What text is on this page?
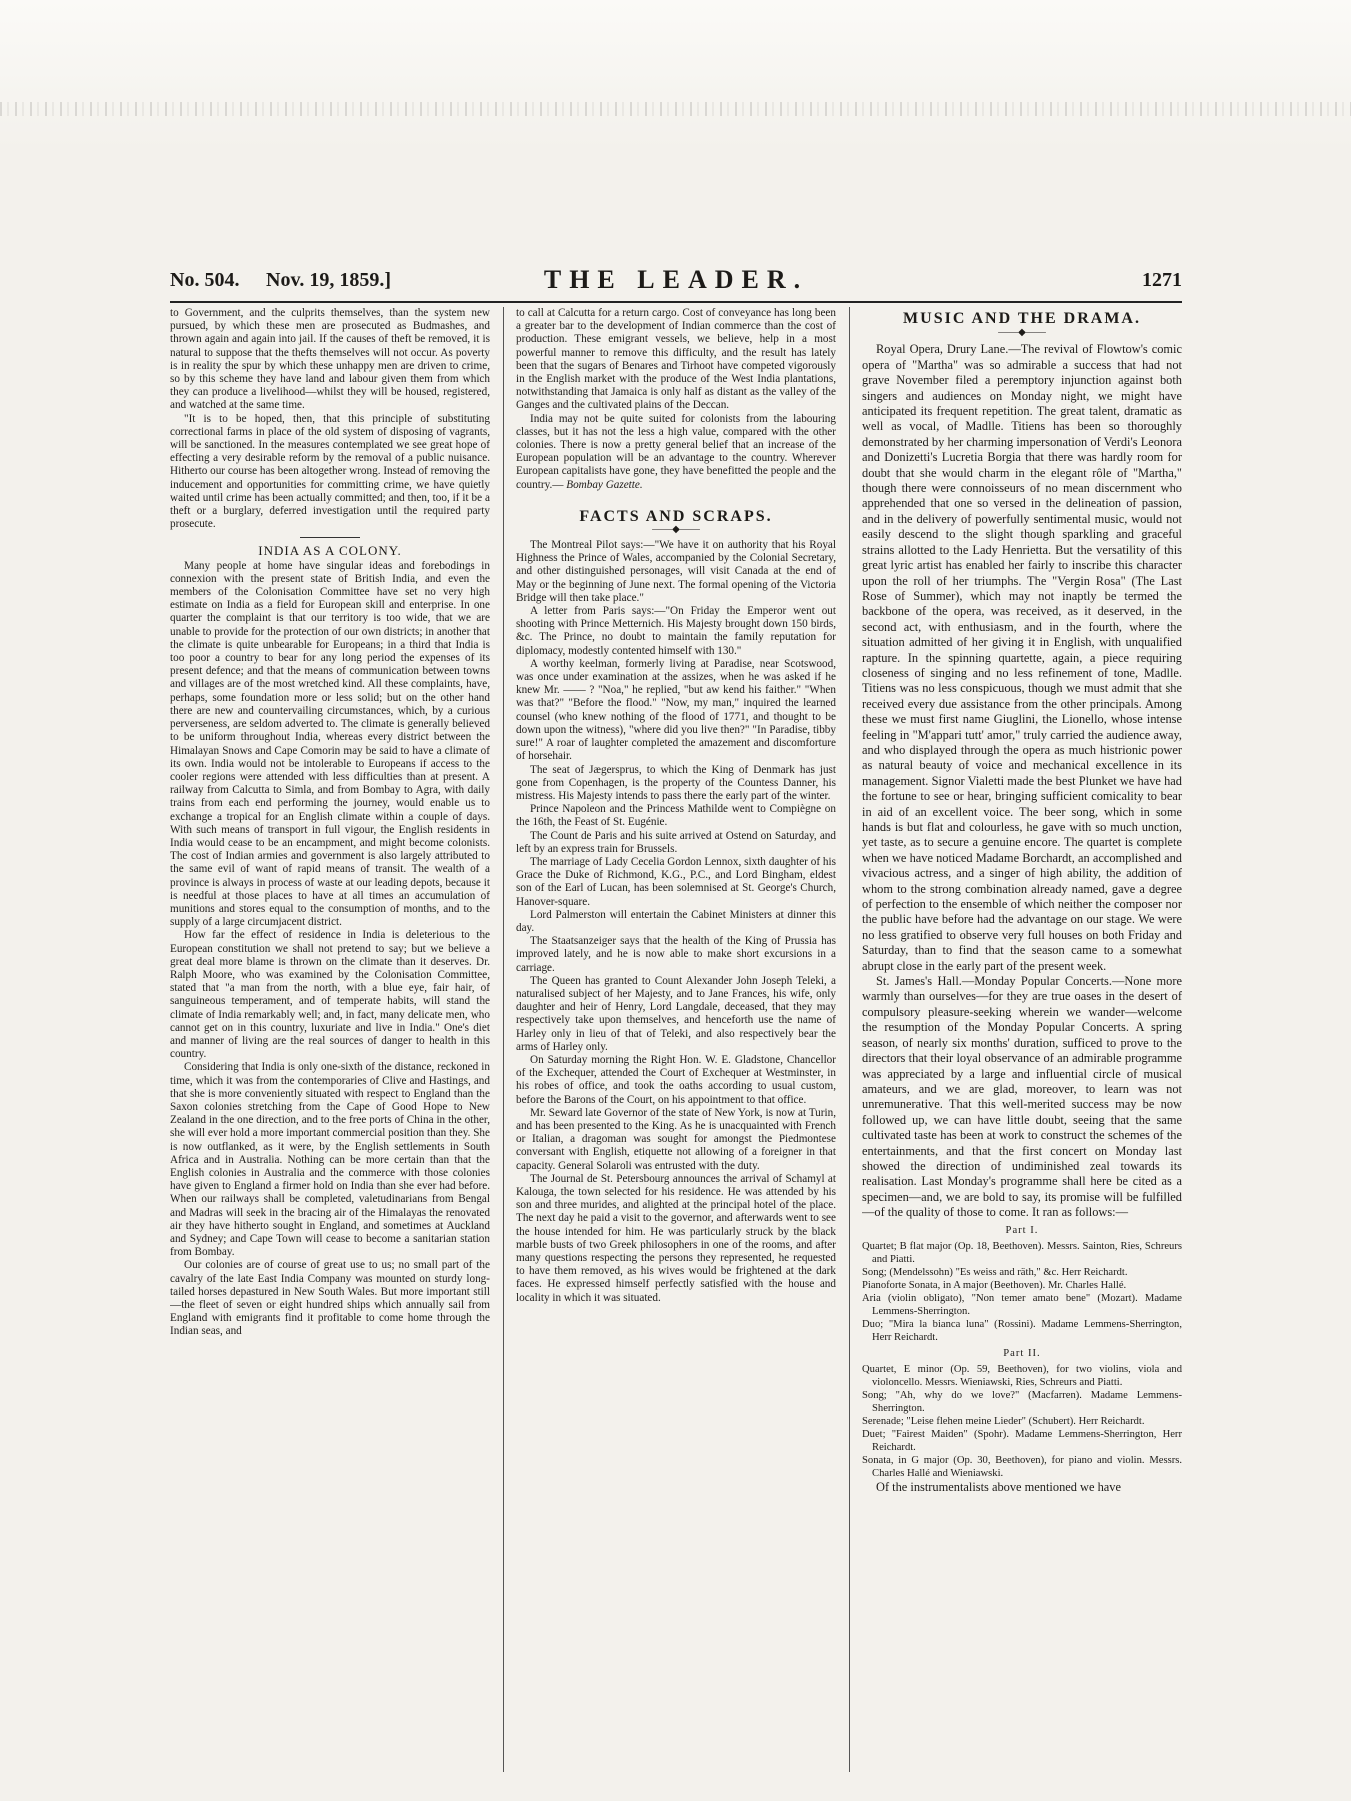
No. 504. Nov. 19, 1859.]	THE LEADER.	1271

to Government, and the culprits themselves, than the system new pursued, by which these men are prosecuted as Budmashes, and thrown again and again into jail. If the causes of theft be removed, it is natural to suppose that the thefts themselves will not occur. As poverty is in reality the spur by which these unhappy men are driven to crime, so by this scheme they have land and labour given them from which they can produce a livelihood—whilst they will be housed, registered, and watched at the same time.

"It is to be hoped, then, that this principle of substituting correctional farms in place of the old system of disposing of vagrants, will be sanctioned. In the measures contemplated we see great hope of effecting a very desirable reform by the removal of a public nuisance. Hitherto our course has been altogether wrong. Instead of removing the inducement and opportunities for committing crime, we have quietly waited until crime has been actually committed; and then, too, if it be a theft or a burglary, deferred investigation until the required party prosecute.

INDIA AS A COLONY.

Many people at home have singular ideas and forebodings in connexion with the present state of British India, and even the members of the Colonisation Committee have set no very high estimate on India as a field for European skill and enterprise. In one quarter the complaint is that our territory is too wide, that we are unable to provide for the protection of our own districts; in another that the climate is quite unbearable for Europeans; in a third that India is too poor a country to bear for any long period the expenses of its present defence; and that the means of communication between towns and villages are of the most wretched kind. All these complaints, have, perhaps, some foundation more or less solid; but on the other hand there are new and countervailing circumstances, which, by a curious perverseness, are seldom adverted to. The climate is generally believed to be uniform throughout India, whereas every district between the Himalayan Snows and Cape Comorin may be said to have a climate of its own. India would not be intolerable to Europeans if access to the cooler regions were attended with less difficulties than at present. A railway from Calcutta to Simla, and from Bombay to Agra, with daily trains from each end performing the journey, would enable us to exchange a tropical for an English climate within a couple of days. With such means of transport in full vigour, the English residents in India would cease to be an encampment, and might become colonists. The cost of Indian armies and government is also largely attributed to the same evil of want of rapid means of transit. The wealth of a province is always in process of waste at our leading depots, because it is needful at those places to have at all times an accumulation of munitions and stores equal to the consumption of months, and to the supply of a large circumjacent district.

How far the effect of residence in India is deleterious to the European constitution we shall not pretend to say; but we believe a great deal more blame is thrown on the climate than it deserves. Dr. Ralph Moore, who was examined by the Colonisation Committee, stated that "a man from the north, with a blue eye, fair hair, of sanguineous temperament, and of temperate habits, will stand the climate of India remarkably well; and, in fact, many delicate men, who cannot get on in this country, luxuriate and live in India." One's diet and manner of living are the real sources of danger to health in this country.

Considering that India is only one-sixth of the distance, reckoned in time, which it was from the contemporaries of Clive and Hastings, and that she is more conveniently situated with respect to England than the Saxon colonies stretching from the Cape of Good Hope to New Zealand in the one direction, and to the free ports of China in the other, she will ever hold a more important commercial position than they. She is now outflanked, as it were, by the English settlements in South Africa and in Australia. Nothing can be more certain than that the English colonies in Australia and the commerce with those colonies have given to England a firmer hold on India than she ever had before. When our railways shall be completed, valetudinarians from Bengal and Madras will seek in the bracing air of the Himalayas the renovated air they have hitherto sought in England, and sometimes at Auckland and Sydney; and Cape Town will cease to become a sanitarian station from Bombay.

Our colonies are of course of great use to us; no small part of the cavalry of the late East India Company was mounted on sturdy long-tailed horses depastured in New South Wales. But more important still—the fleet of seven or eight hundred ships which annually sail from England with emigrants find it profitable to come home through the Indian seas, and

to call at Calcutta for a return cargo. Cost of conveyance has long been a greater bar to the development of Indian commerce than the cost of production. These emigrant vessels, we believe, help in a most powerful manner to remove this difficulty, and the result has lately been that the sugars of Benares and Tirhoot have competed vigorously in the English market with the produce of the West India plantations, notwithstanding that Jamaica is only half as distant as the valley of the Ganges and the cultivated plains of the Deccan.

India may not be quite suited for colonists from the labouring classes, but it has not the less a high value, compared with the other colonies. There is now a pretty general belief that an increase of the European population will be an advantage to the country. Wherever European capitalists have gone, they have benefitted the people and the country.— Bombay Gazette.

FACTS AND SCRAPS.
——◆——

The Montreal Pilot says:—"We have it on authority that his Royal Highness the Prince of Wales, accompanied by the Colonial Secretary, and other distinguished personages, will visit Canada at the end of May or the beginning of June next. The formal opening of the Victoria Bridge will then take place."

A letter from Paris says:—"On Friday the Emperor went out shooting with Prince Metternich. His Majesty brought down 150 birds, &c. The Prince, no doubt to maintain the family reputation for diplomacy, modestly contented himself with 130."

A worthy keelman, formerly living at Paradise, near Scotswood, was once under examination at the assizes, when he was asked if he knew Mr. —— ? "Noa," he replied, "but aw kend his faither." "When was that?" "Before the flood." "Now, my man," inquired the learned counsel (who knew nothing of the flood of 1771, and thought to be down upon the witness), "where did you live then?" "In Paradise, tibby sure!" A roar of laughter completed the amazement and discomforture of horsehair.

The seat of Jægersprus, to which the King of Denmark has just gone from Copenhagen, is the property of the Countess Danner, his mistress. His Majesty intends to pass there the early part of the winter.

Prince Napoleon and the Princess Mathilde went to Compiègne on the 16th, the Feast of St. Eugénie.

The Count de Paris and his suite arrived at Ostend on Saturday, and left by an express train for Brussels.

The marriage of Lady Cecelia Gordon Lennox, sixth daughter of his Grace the Duke of Richmond, K.G., P.C., and Lord Bingham, eldest son of the Earl of Lucan, has been solemnised at St. George's Church, Hanover-square.

Lord Palmerston will entertain the Cabinet Ministers at dinner this day.

The Staatsanzeiger says that the health of the King of Prussia has improved lately, and he is now able to make short excursions in a carriage.

The Queen has granted to Count Alexander John Joseph Teleki, a naturalised subject of her Majesty, and to Jane Frances, his wife, only daughter and heir of Henry, Lord Langdale, deceased, that they may respectively take upon themselves, and henceforth use the name of Harley only in lieu of that of Teleki, and also respectively bear the arms of Harley only.

On Saturday morning the Right Hon. W. E. Gladstone, Chancellor of the Exchequer, attended the Court of Exchequer at Westminster, in his robes of office, and took the oaths according to usual custom, before the Barons of the Court, on his appointment to that office.

Mr. Seward late Governor of the state of New York, is now at Turin, and has been presented to the King. As he is unacquainted with French or Italian, a dragoman was sought for amongst the Piedmontese conversant with English, etiquette not allowing of a foreigner in that capacity. General Solaroli was entrusted with the duty.

The Journal de St. Petersbourg announces the arrival of Schamyl at Kalouga, the town selected for his residence. He was attended by his son and three murides, and alighted at the principal hotel of the place. The next day he paid a visit to the governor, and afterwards went to see the house intended for him. He was particularly struck by the black marble busts of two Greek philosophers in one of the rooms, and after many questions respecting the persons they represented, he requested to have them removed, as his wives would be frightened at the dark faces. He expressed himself perfectly satisfied with the house and locality in which it was situated.

MUSIC AND THE DRAMA.
——◆——

Royal Opera, Drury Lane.—The revival of Flowtow's comic opera of "Martha" was so admirable a success that had not grave November filed a peremptory injunction against both singers and audiences on Monday night, we might have anticipated its frequent repetition. The great talent, dramatic as well as vocal, of Madlle. Titiens has been so thoroughly demonstrated by her charming impersonation of Verdi's Leonora and Donizetti's Lucretia Borgia that there was hardly room for doubt that she would charm in the elegant rôle of "Martha," though there were connoisseurs of no mean discernment who apprehended that one so versed in the delineation of passion, and in the delivery of powerfully sentimental music, would not easily descend to the slight though sparkling and graceful strains allotted to the Lady Henrietta. But the versatility of this great lyric artist has enabled her fairly to inscribe this character upon the roll of her triumphs. The "Vergin Rosa" (The Last Rose of Summer), which may not inaptly be termed the backbone of the opera, was received, as it deserved, in the second act, with enthusiasm, and in the fourth, where the situation admitted of her giving it in English, with unqualified rapture. In the spinning quartette, again, a piece requiring closeness of singing and no less refinement of tone, Madlle. Titiens was no less conspicuous, though we must admit that she received every due assistance from the other principals. Among these we must first name Giuglini, the Lionello, whose intense feeling in "M'appari tutt' amor," truly carried the audience away, and who displayed through the opera as much histrionic power as natural beauty of voice and mechanical excellence in its management. Signor Vialetti made the best Plunket we have had the fortune to see or hear, bringing sufficient comicality to bear in aid of an excellent voice. The beer song, which in some hands is but flat and colourless, he gave with so much unction, yet taste, as to secure a genuine encore. The quartet is complete when we have noticed Madame Borchardt, an accomplished and vivacious actress, and a singer of high ability, the addition of whom to the strong combination already named, gave a degree of perfection to the ensemble of which neither the composer nor the public have before had the advantage on our stage. We were no less gratified to observe very full houses on both Friday and Saturday, than to find that the season came to a somewhat abrupt close in the early part of the present week.

St. James's Hall.—Monday Popular Concerts.—None more warmly than ourselves—for they are true oases in the desert of compulsory pleasure-seeking wherein we wander—welcome the resumption of the Monday Popular Concerts. A spring season, of nearly six months' duration, sufficed to prove to the directors that their loyal observance of an admirable programme was appreciated by a large and influential circle of musical amateurs, and we are glad, moreover, to learn was not unremunerative. That this well-merited success may be now followed up, we can have little doubt, seeing that the same cultivated taste has been at work to construct the schemes of the entertainments, and that the first concert on Monday last showed the direction of undiminished zeal towards its realisation. Last Monday's programme shall here be cited as a specimen—and, we are bold to say, its promise will be fulfilled—of the quality of those to come. It ran as follows:—

Part I.

Quartet; B flat major (Op. 18, Beethoven). Messrs. Sainton, Ries, Schreurs and Piatti.

Song; (Mendelssohn) "Es weiss and räth," &c. Herr Reichardt.

Pianoforte Sonata, in A major (Beethoven). Mr. Charles Hallé.

Aria (violin obligato), "Non temer amato bene" (Mozart). Madame Lemmens-Sherrington.

Duo; "Mira la bianca luna" (Rossini). Madame Lemmens-Sherrington, Herr Reichardt.

Part II.

Quartet, E minor (Op. 59, Beethoven), for two violins, viola and violoncello. Messrs. Wieniawski, Ries, Schreurs and Piatti.

Song; "Ah, why do we love?" (Macfarren). Madame Lemmens-Sherrington.

Serenade; "Leise flehen meine Lieder" (Schubert). Herr Reichardt.

Duet; "Fairest Maiden" (Spohr). Madame Lemmens-Sherrington, Herr Reichardt.

Sonata, in G major (Op. 30, Beethoven), for piano and violin. Messrs. Charles Hallé and Wieniawski.

Of the instrumentalists above mentioned we have
